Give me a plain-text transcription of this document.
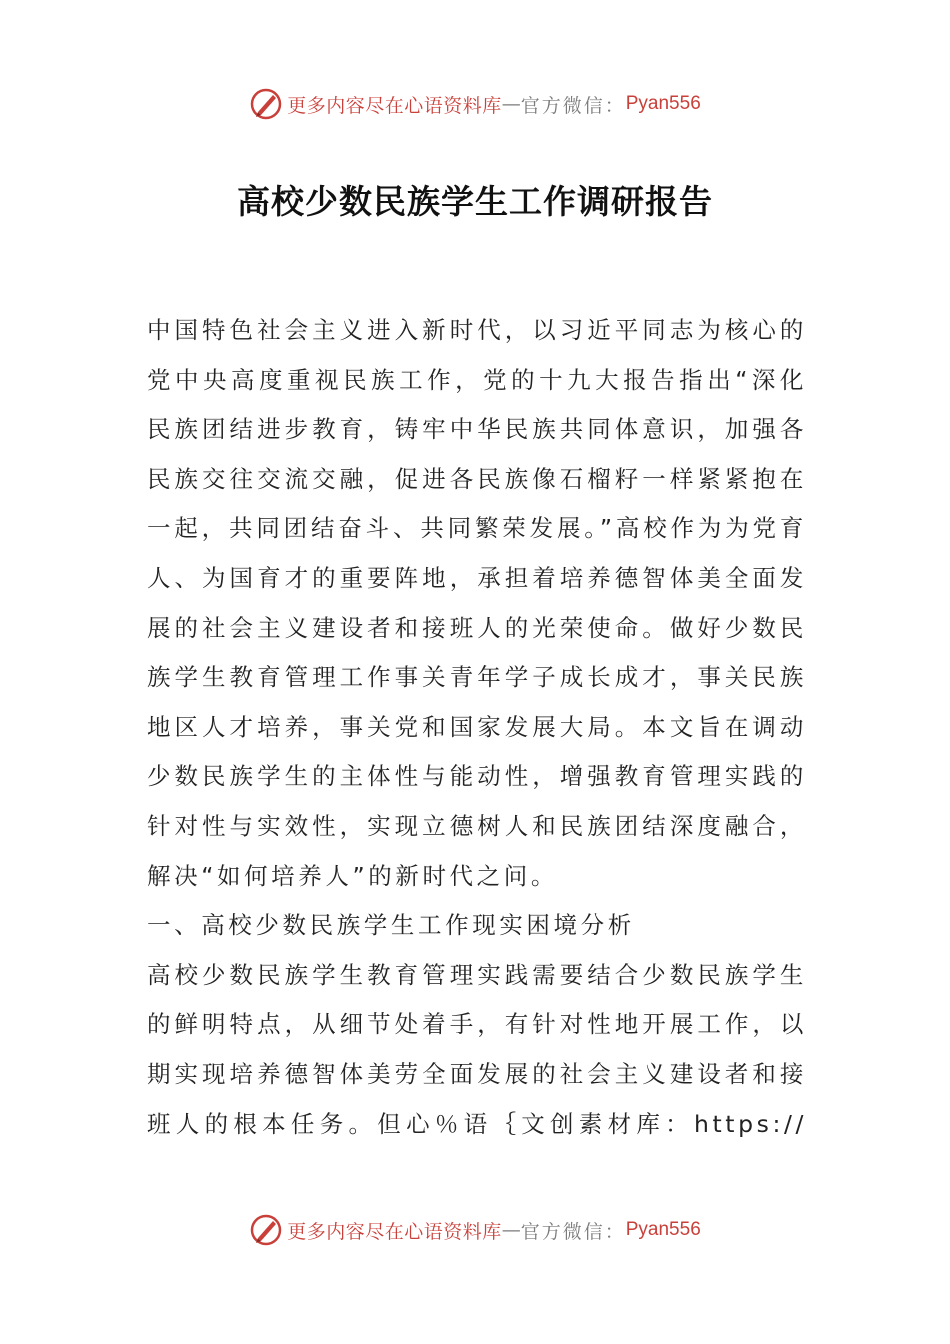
更多内容尽在心语资料库 — 官方微信： Pyan556
高校少数民族学生工作调研报告

中国特色社会主义进入新时代，以习近平同志为核心的党中央高度重视民族工作，党的十九大报告指出“深化民族团结进步教育，铸牢中华民族共同体意识，加强各民族交往交流交融，促进各民族像石榴籽一样紧紧抱在一起，共同团结奋斗、共同繁荣发展。”高校作为为党育人、为国育才的重要阵地，承担着培养德智体美全面发展的社会主义建设者和接班人的光荣使命。做好少数民族学生教育管理工作事关青年学子成长成才，事关民族地区人才培养，事关党和国家发展大局。本文旨在调动少数民族学生的主体性与能动性，增强教育管理实践的针对性与实效性，实现立德树人和民族团结深度融合，解决“如何培养人”的新时代之问。

一、高校少数民族学生工作现实困境分析

高校少数民族学生教育管理实践需要结合少数民族学生的鲜明特点，从细节处着手，有针对性地开展工作，以期实现培养德智体美劳全面发展的社会主义建设者和接班人的根本任务。但心％语｛文创素材库：https://

更多内容尽在心语资料库 — 官方微信： Pyan556
